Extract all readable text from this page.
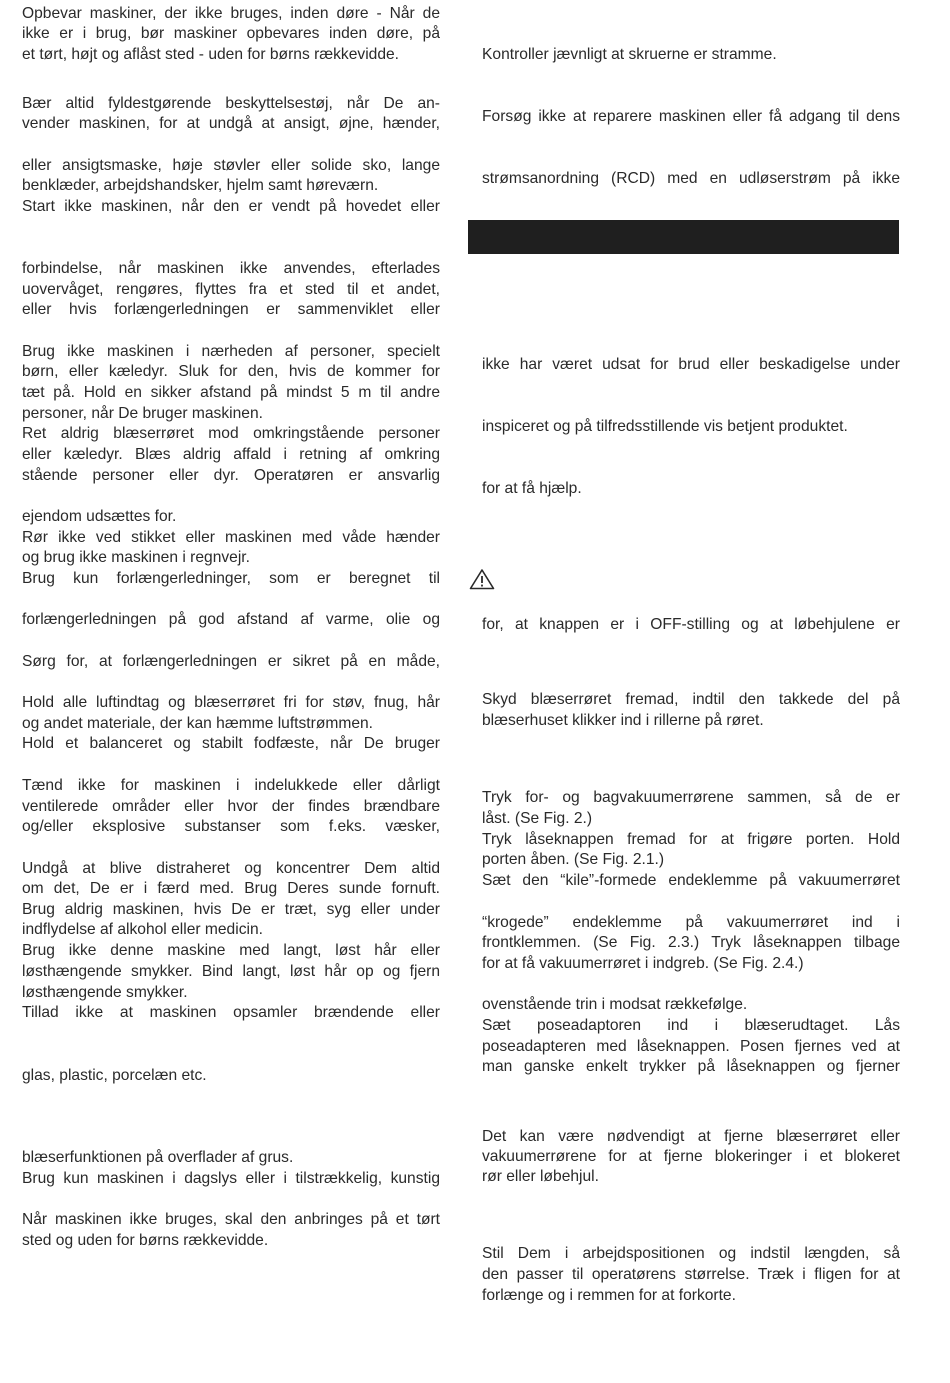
Opbevar maskiner, der ikke bruges, inden døre - Når de
ikke er i brug, bør maskiner opbevares inden døre, på
et tørt, højt og aflåst sted - uden for børns rækkevidde.
Bær altid fyldestgørende beskyttelsestøj, når De an-
vender maskinen, for at undgå at ansigt, øjne, hænder,
eller ansigtsmaske, høje støvler eller solide sko, lange
benklæder, arbejdshandsker, hjelm samt høreværn.
Start ikke maskinen, når den er vendt på hovedet eller
forbindelse, når maskinen ikke anvendes, efterlades
uovervåget, rengøres, flyttes fra et sted til et andet,
eller hvis forlængerledningen er sammenviklet eller
Brug ikke maskinen i nærheden af personer, specielt
børn, eller kæledyr. Sluk for den, hvis de kommer for
tæt på. Hold en sikker afstand på mindst 5 m til andre
personer, når De bruger maskinen.
Ret aldrig blæserrøret mod omkringstående personer
eller kæledyr. Blæs aldrig affald i retning af omkring
stående personer eller dyr. Operatøren er ansvarlig
ejendom udsættes for.
Rør ikke ved stikket eller maskinen med våde hænder
og brug ikke maskinen i regnvejr.
Brug kun forlængerledninger, som er beregnet til
forlængerledningen på god afstand af varme, olie og
Sørg for, at forlængerledningen er sikret på en måde,
Hold alle luftindtag og blæserrøret fri for støv, fnug, hår
og andet materiale, der kan hæmme luftstrømmen.
Hold et balanceret og stabilt fodfæste, når De bruger
Tænd ikke for maskinen i indelukkede eller dårligt
ventilerede områder eller hvor der findes brændbare
og/eller eksplosive substanser som f.eks. væsker,
Undgå at blive distraheret og koncentrer Dem altid
om det, De er i færd med. Brug Deres sunde fornuft.
Brug aldrig maskinen, hvis De er træt, syg eller under
indflydelse af alkohol eller medicin.
Brug ikke denne maskine med langt, løst hår eller
løsthængende smykker. Bind langt, løst hår op og fjern
løsthængende smykker.
Tillad ikke at maskinen opsamler brændende eller
glas, plastic, porcelæn etc.
blæserfunktionen på overflader af grus.
Brug kun maskinen i dagslys eller i tilstrækkelig, kunstig
Når maskinen ikke bruges, skal den anbringes på et tørt
sted og uden for børns rækkevidde.
Kontroller jævnligt at skruerne er stramme.
Forsøg ikke at reparere maskinen eller få adgang til dens
strømsanordning (RCD) med en udløserstrøm på ikke
ikke har været udsat for brud eller beskadigelse under
inspiceret og på tilfredsstillende vis betjent produktet.
for at få hjælp.
for, at knappen er i OFF-stilling og at løbehjulene er
Skyd blæserrøret fremad, indtil den takkede del på
blæserhuset klikker ind i rillerne på røret.
Tryk for- og bagvakuumerrørene sammen, så de er
låst. (Se Fig. 2.)
Tryk låseknappen fremad for at frigøre porten. Hold
porten åben. (Se Fig. 2.1.)
Sæt den “kile”-formede endeklemme på vakuumerrøret
“krogede” endeklemme på vakuumerrøret ind i
frontklemmen. (Se Fig. 2.3.) Tryk låseknappen tilbage
for at få vakuumerrøret i indgreb. (Se Fig. 2.4.)
ovenstående trin i modsat rækkefølge.
Sæt poseadaptoren ind i blæserudtaget. Lås
poseadapteren med låseknappen. Posen fjernes ved at
man ganske enkelt trykker på låseknappen og fjerner
Det kan være nødvendigt at fjerne blæserrøret eller
vakuumerrørene for at fjerne blokeringer i et blokeret
rør eller løbehjul.
Stil Dem i arbejdspositionen og indstil længden, så
den passer til operatørens størrelse. Træk i fligen for at
forlænge og i remmen for at forkorte.
